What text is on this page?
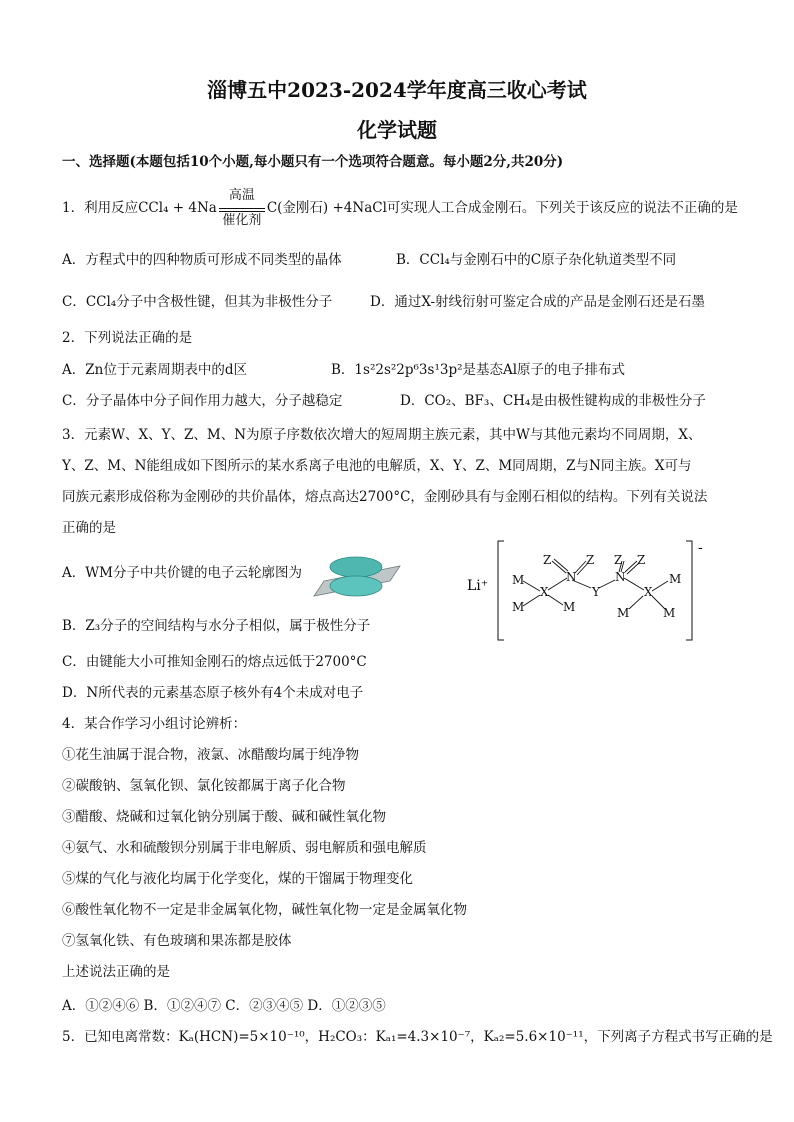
淄博五中2023-2024学年度高三收心考试
化学试题
一、选择题(本题包括10个小题,每小题只有一个选项符合题意。每小题2分,共20分)
1．利用反应CCl₄ + 4Na
高温
催化剂
C(金刚石) +4NaCl可实现人工合成金刚石。下列关于该反应的说法不正确的是
A．方程式中的四种物质可形成不同类型的晶体	B．CCl₄与金刚石中的C原子杂化轨道类型不同
C．CCl₄分子中含极性键，但其为非极性分子	D．通过X-射线衍射可鉴定合成的产品是金刚石还是石墨
2．下列说法正确的是
A．Zn位于元素周期表中的d区	B．1s²2s²2p⁶3s¹3p²是基态Al原子的电子排布式
C．分子晶体中分子间作用力越大，分子越稳定	D．CO₂、BF₃、CH₄是由极性键构成的非极性分子
3．元素W、X、Y、Z、M、N为原子序数依次增大的短周期主族元素，其中W与其他元素均不同周期，X、
Y、Z、M、N能组成如下图所示的某水系离子电池的电解质，X、Y、Z、M同周期，Z与N同主族。X可与
同族元素形成俗称为金刚砂的共价晶体，熔点高达2700°C，金刚砂具有与金刚石相似的结构。下列有关说法
正确的是
A．WM分子中共价键的电子云轮廓图为
Li⁺
-
Z	Z
N
Z Z
N
Y
X	X
M
M	M
M
M	M
B．Z₃分子的空间结构与水分子相似，属于极性分子
C．由键能大小可推知金刚石的熔点远低于2700°C
D．N所代表的元素基态原子核外有4个未成对电子
4．某合作学习小组讨论辨析：
①花生油属于混合物，液氯、冰醋酸均属于纯净物
②碳酸钠、氢氧化钡、氯化铵都属于离子化合物
③醋酸、烧碱和过氧化钠分别属于酸、碱和碱性氧化物
④氨气、水和硫酸钡分别属于非电解质、弱电解质和强电解质
⑤煤的气化与液化均属于化学变化，煤的干馏属于物理变化
⑥酸性氧化物不一定是非金属氧化物，碱性氧化物一定是金属氧化物
⑦氢氧化铁、有色玻璃和果冻都是胶体
上述说法正确的是
A．①②④⑥ B．①②④⑦ C．②③④⑤ D．①②③⑤
5．已知电离常数：Kₐ(HCN)=5×10⁻¹⁰，H₂CO₃：Kₐ₁=4.3×10⁻⁷，Kₐ₂=5.6×10⁻¹¹，下列离子方程式书写正确的是
